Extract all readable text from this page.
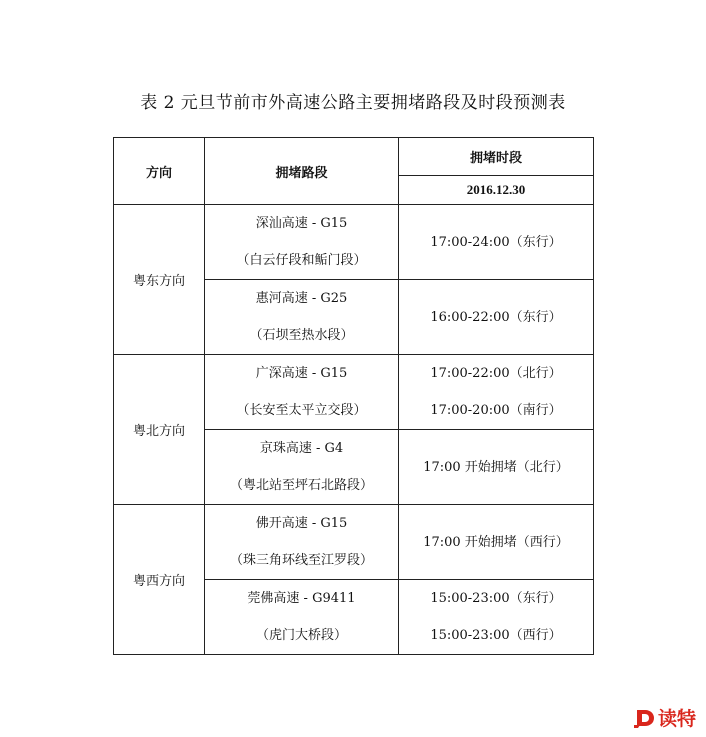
表 2 元旦节前市外高速公路主要拥堵路段及时段预测表
方向	拥堵路段	拥堵时段
		2016.12.30
粤东方向	深汕高速 - G15
（白云仔段和鲘门段）	17:00-24:00（东行）

	惠河高速 - G25
（石坝至热水段）	16:00-22:00（东行）

粤北方向	广深高速 - G15
（长安至太平立交段）	17:00-22:00（北行）
17:00-20:00（南行）

	京珠高速 - G4
（粤北站至坪石北路段）	17:00 开始拥堵（北行）

粤西方向	佛开高速 - G15
（珠三角环线至江罗段）	17:00 开始拥堵（西行）

	莞佛高速 - G9411
（虎门大桥段）	15:00-23:00（东行）
15:00-23:00（西行）
读特
